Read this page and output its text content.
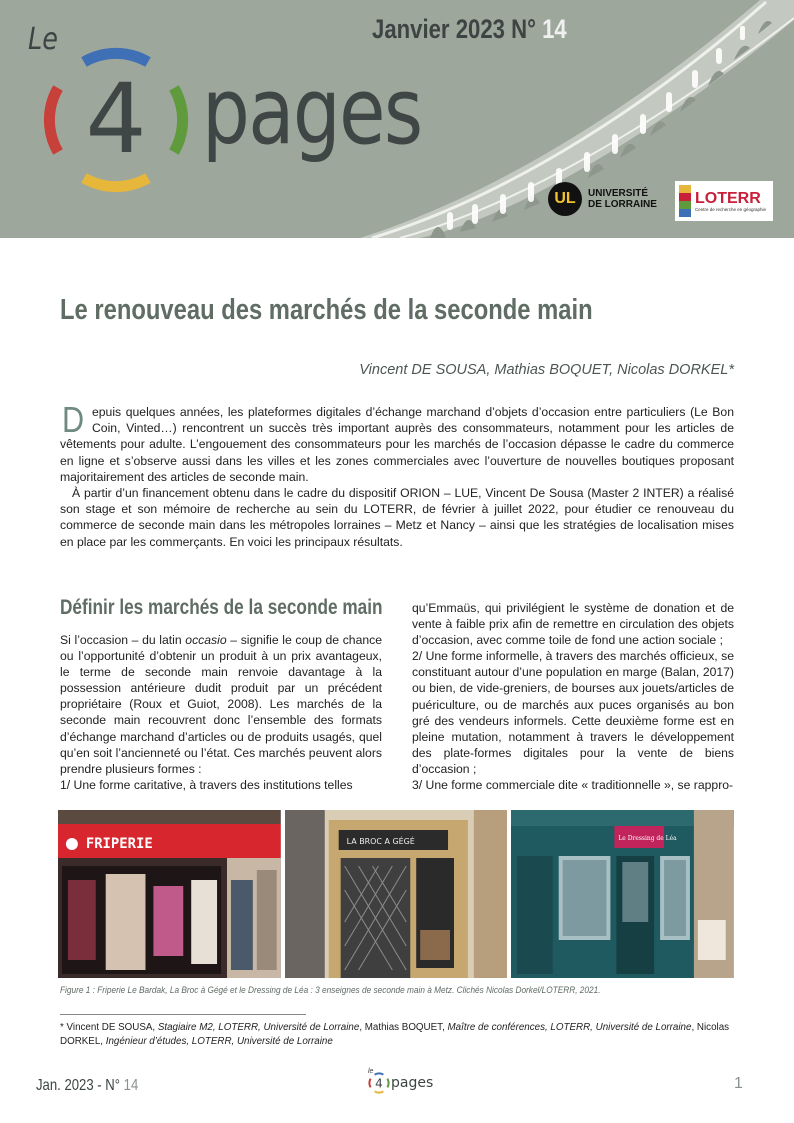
Le
4 pages
Janvier 2023 N° 14
UL	UNIVERSITÉ
DE LORRAINE LOTERR
Centre de recherche en géographie
Le renouveau des marchés de la seconde main
Vincent DE SOUSA, Mathias BOQUET, Nicolas DORKEL*

Depuis quelques années, les plateformes digitales d’échange marchand d’objets d’occasion entre particuliers (Le Bon Coin, Vinted…) rencontrent un succès très important auprès des consommateurs, notamment pour les articles de vêtements pour adulte. L’engouement des consommateurs pour les marchés de l’occasion dépasse le cadre du commerce en ligne et s’observe aussi dans les villes et les zones commerciales avec l’ouverture de nouvelles boutiques proposant majoritairement des articles de seconde main.

À partir d’un financement obtenu dans le cadre du dispositif ORION – LUE, Vincent De Sousa (Master 2 INTER) a réalisé son stage et son mémoire de recherche au sein du LOTERR, de février à juillet 2022, pour étudier ce renouveau du commerce de seconde main dans les métropoles lorraines – Metz et Nancy – ainsi que les stratégies de localisation mises en place par les commerçants. En voici les principaux résultats.

Définir les marchés de la seconde main

Si l’occasion – du latin occasio – signifie le coup de chance ou l’opportunité d’obtenir un produit à un prix avantageux, le terme de seconde main renvoie davantage à la possession antérieure dudit produit par un précédent propriétaire (Roux et Guiot, 2008). Les marchés de la seconde main recouvrent donc l’ensemble des formats d’échange marchand d’articles ou de produits usagés, quel qu’en soit l’ancienneté ou l’état. Ces marchés peuvent alors prendre plusieurs formes :

1/ Une forme caritative, à travers des institutions telles

qu’Emmaüs, qui privilégient le système de donation et de vente à faible prix afin de remettre en circulation des objets d’occasion, avec comme toile de fond une action sociale ;

2/ Une forme informelle, à travers des marchés officieux, se constituant autour d’une population en marge (Balan, 2017) ou bien, de vide-greniers, de bourses aux jouets/articles de puériculture, ou de marchés aux puces organisés au bon gré des vendeurs informels. Cette deuxième forme est en pleine mutation, notamment à travers le développement des plate-formes digitales pour la vente de biens d’occasion ;

3/ Une forme commerciale dite « traditionnelle », se rappro-

FRIPERIE	LA BROC A GÉGÉ	Le Dressing de Léa
Figure 1 : Friperie Le Bardak, La Broc à Gégé et le Dressing de Léa : 3 enseignes de seconde main à Metz. Clichés Nicolas Dorkel/LOTERR, 2021.
* Vincent DE SOUSA, Stagiaire M2, LOTERR, Université de Lorraine, Mathias BOQUET, Maître de conférences, LOTERR, Université de Lorraine, Nicolas DORKEL, Ingénieur d’études, LOTERR, Université de Lorraine
Jan. 2023 - N° 14
le
4 pages	1
